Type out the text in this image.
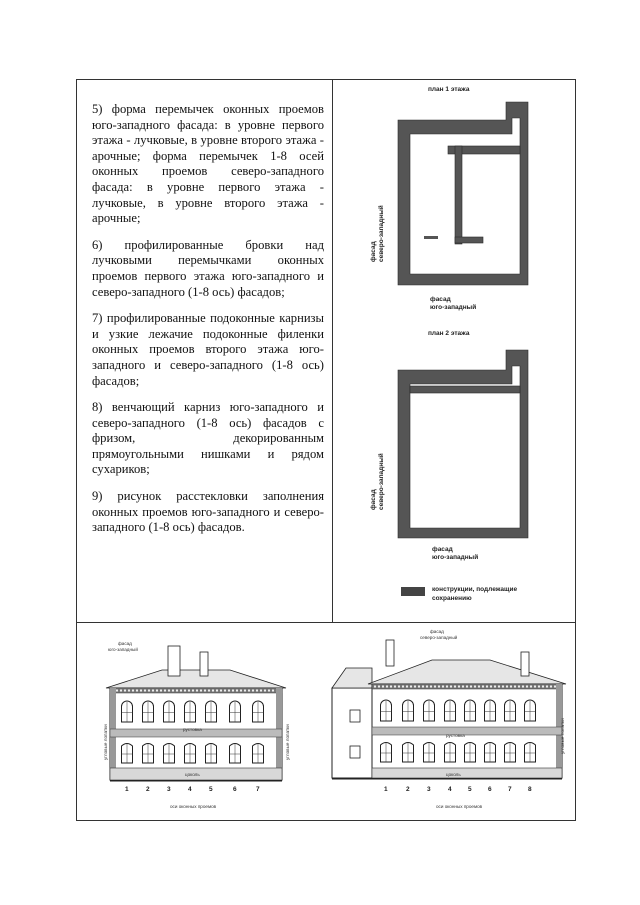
5) форма перемычек оконных проемов юго-западного фасада: в уровне первого этажа - лучковые, в уровне второго этажа - арочные; форма перемычек 1-8 осей оконных проемов северо-западного фасада: в уровне первого этажа - лучковые, в уровне второго этажа - арочные;

6) профилированные бровки над лучковыми перемычками оконных проемов первого этажа юго-западного и северо-западного (1-8 ось) фасадов;

7) профилированные подоконные карнизы и узкие лежачие подоконные филенки оконных проемов второго этажа юго-западного и северо-западного (1-8 ось) фасадов;

8) венчающий карниз юго-западного и северо-западного (1-8 ось) фасадов с фризом, декорированным прямоугольными нишками и рядом сухариков;

9) рисунок расстекловки заполнения оконных проемов юго-западного и северо-западного (1-8 ось) фасадов.

план 1 этажа
фасад северо-западный
фасад
юго-западный
план 2 этажа
фасад северо-западный
фасад
юго-западный
конструкции, подлежащие
сохранению
фасад
юго-западный
угловые лопатки	угловые лопатки
рустовка
цоколь
1	2	3	4	5	6	7
оси оконных проемов
фасад
северо-западный
угловые лопатки
рустовка
цоколь
1	2	3	4	5	6	7	8
оси оконных проемов
